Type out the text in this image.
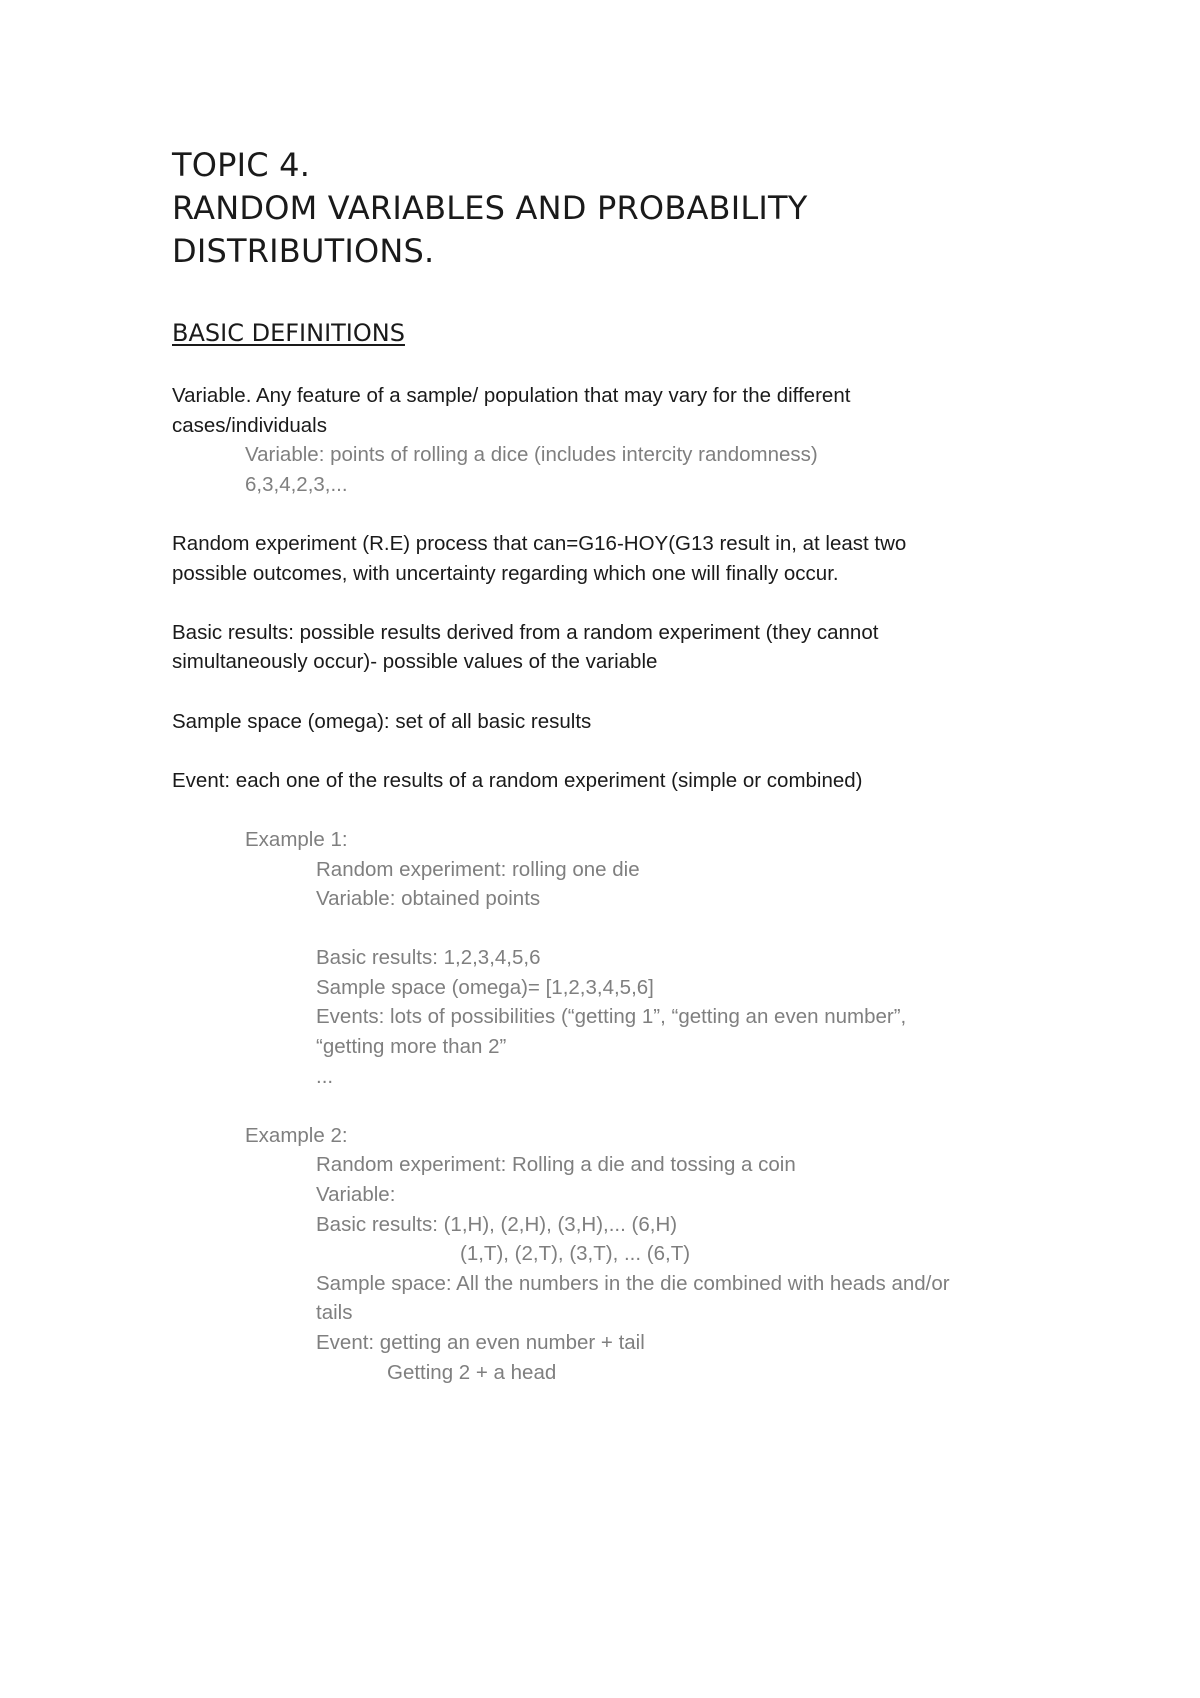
TOPIC 4.
RANDOM VARIABLES AND PROBABILITY
DISTRIBUTIONS.
BASIC DEFINITIONS
Variable. Any feature of a sample/ population that may vary for the different
cases/individuals
Variable: points of rolling a dice (includes intercity randomness)
6,3,4,2,3,...
Random experiment (R.E) process that can=G16-HOY(G13 result in, at least two
possible outcomes, with uncertainty regarding which one will finally occur.
Basic results: possible results derived from a random experiment (they cannot
simultaneously occur)- possible values of the variable
Sample space (omega): set of all basic results
Event: each one of the results of a random experiment (simple or combined)
Example 1:
Random experiment: rolling one die
Variable: obtained points
Basic results: 1,2,3,4,5,6
Sample space (omega)= [1,2,3,4,5,6]
Events: lots of possibilities (“getting 1”, “getting an even number”,
“getting more than 2”
...
Example 2:
Random experiment: Rolling a die and tossing a coin
Variable:
Basic results: (1,H), (2,H), (3,H),... (6,H)
(1,T), (2,T), (3,T), ... (6,T)
Sample space: All the numbers in the die combined with heads and/or
tails
Event: getting an even number + tail
Getting 2 + a head
